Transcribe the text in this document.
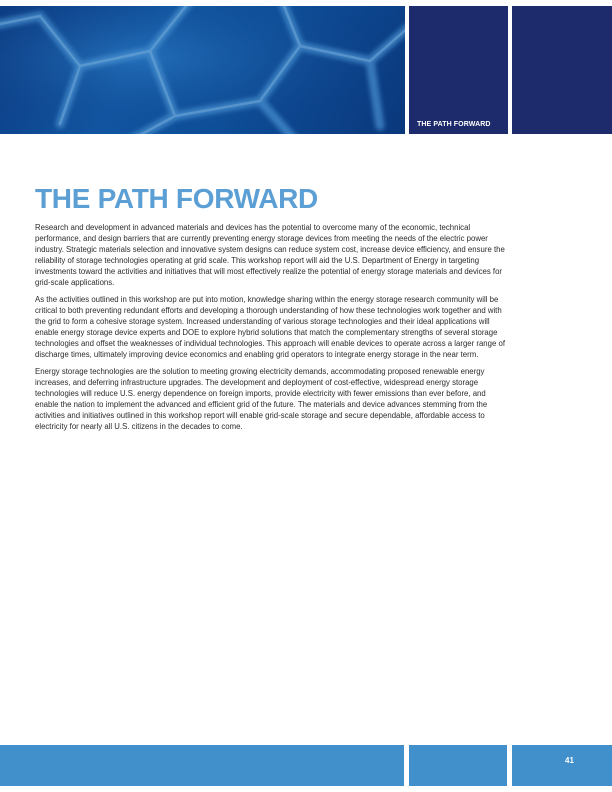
THE PATH FORWARD
THE PATH FORWARD

Research and development in advanced materials and devices has the potential to overcome many of the economic, technical performance, and design barriers that are currently preventing energy storage devices from meeting the needs of the electric power industry. Strategic materials selection and innovative system designs can reduce system cost, increase device efficiency, and ensure the reliability of storage technologies operating at grid scale. This workshop report will aid the U.S. Department of Energy in targeting investments toward the activities and initiatives that will most effectively realize the potential of energy storage materials and devices for grid-scale applications.

As the activities outlined in this workshop are put into motion, knowledge sharing within the energy storage research community will be critical to both preventing redundant efforts and developing a thorough understanding of how these technologies work together and with the grid to form a cohesive storage system. Increased understanding of various storage technologies and their ideal applications will enable energy storage device experts and DOE to explore hybrid solutions that match the complementary strengths of several storage technologies and offset the weaknesses of individual technologies. This approach will enable devices to operate across a larger range of discharge times, ultimately improving device economics and enabling grid operators to integrate energy storage in the near term.

Energy storage technologies are the solution to meeting growing electricity demands, accommodating proposed renewable energy increases, and deferring infrastructure upgrades. The development and deployment of cost-effective, widespread energy storage technologies will reduce U.S. energy dependence on foreign imports, provide electricity with fewer emissions than ever before, and enable the nation to implement the advanced and efficient grid of the future. The materials and device advances stemming from the activities and initiatives outlined in this workshop report will enable grid-scale storage and secure dependable, affordable access to electricity for nearly all U.S. citizens in the decades to come.

41
